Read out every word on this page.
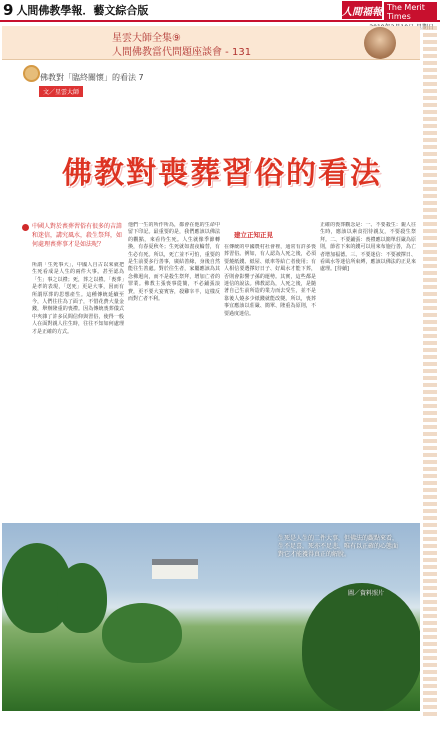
9 人間佛教學報．藝文綜合版	人間福報 The Merit Times
星雲大師全集⑨
人間佛教當代問題座談會 - 131
佛教對「臨終關懷」的看法 7
文／星雲大師
佛教對喪葬習俗的看法
中國人對於喪葬習俗有很多的吉諱和迷信，講究風水，殺生祭拜，如何處理喪葬事才是如法呢？
建立正知正見
所謂「生死事大」，中國人自古以來就把生死看成是人生的兩件大事。甚至認為「生」事之以禮；死，葬之以禮。「喪葬」是孝的表現，「送死」更是大事，因而有所謂厚葬的思想產生。這種傳統延續至今，人們往往為了面子，不惜花費大量金錢，舉辦隆重的喪禮。因為傳統喪葬儀式中夾雜了許多民間信仰與習俗，使得一般人在面對親人往生時，往往不知如何處理才是正確的方式。
他們一生的所作所為，都會在他的生命中留下印記。最重要的是，我們應該以佛法的觀點，來看待生死。人生就像季節轉換，有春夏秋冬；生死就如晝夜輪替，有生必有死。所以，死亡並不可怕，重要的是生前要多行善事，廣結善緣，身後自然能往生善處。對於往生者，家屬應該為其念佛迴向，而不是殺生祭拜，增加亡者的罪業。佛教主張喪事從簡，不必鋪張浪費，更不要大宴賓客，殺雞宰羊，這樣反而對亡者不利。
在傳統的中國農村社會裡，通常有許多喪葬習俗。例如，有人認為人死之後，必須要燒紙錢、紙屋、紙車等給亡者使用；有人相信要選擇好日子、好風水才能下葬，否則會影響子孫的運勢。其實，這些都是迷信的說法。佛教認為，人死之後，是隨著自己生前所造的業力而去受生，並不是靠後人燒多少紙錢就能改變。所以，喪葬事宜應該以莊嚴、簡單、隆重為原則，不要過度迷信。
正確的喪葬觀念是：一、不要殺生：親人往生時，應該以素食招待親友，不要殺生祭拜。二、不要鋪張：喪禮應以簡單莊嚴為原則，節省下來的錢可以用來布施行善，為亡者增加福德。三、不要迷信：不要被擇日、看風水等迷信所束縛，應該以佛法的正見來處理。[待續]
生死是人生的二件大事，但佛法的觀點來看，生不足喜，死亦不足悲，唯有以正確的心態面對它才能獲得真正的解脫。
圖／資料照片
